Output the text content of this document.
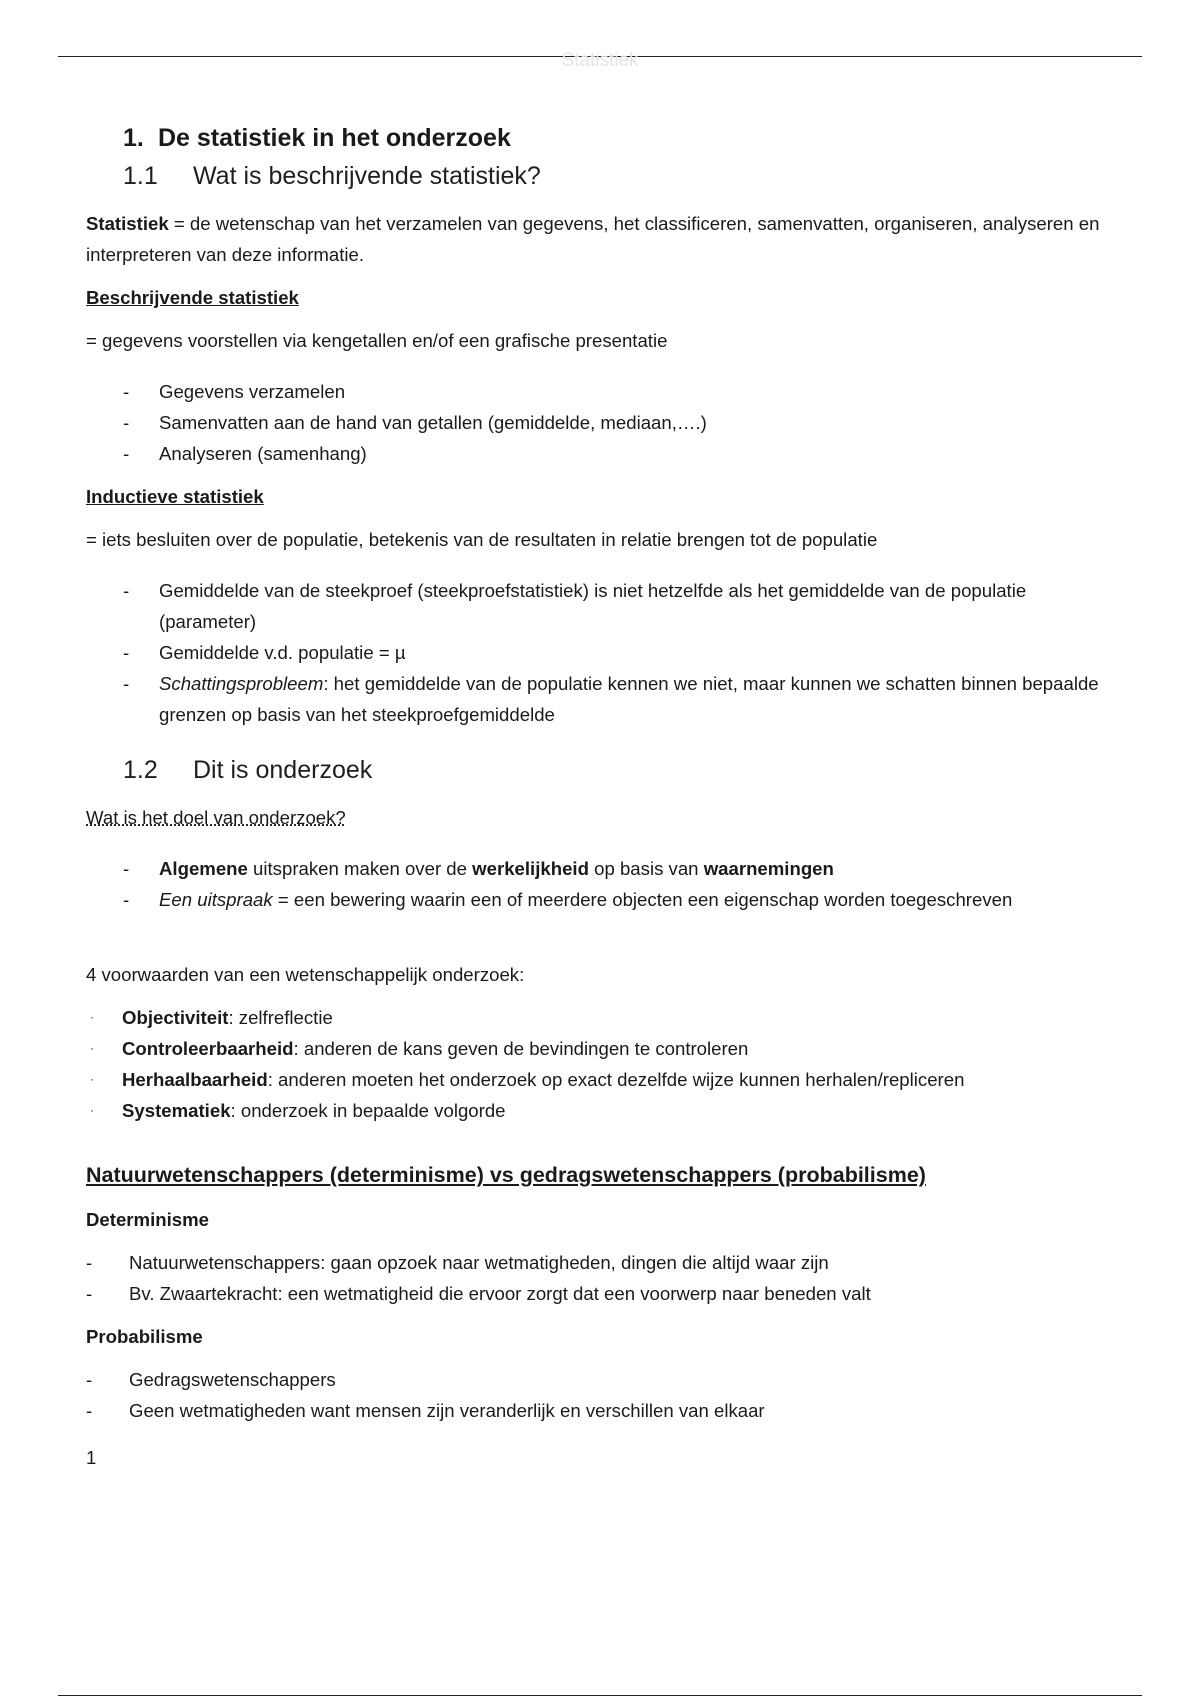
Statistiek
1. De statistiek in het onderzoek
1.1 Wat is beschrijvende statistiek?

Statistiek = de wetenschap van het verzamelen van gegevens, het classificeren, samenvatten, organiseren, analyseren en interpreteren van deze informatie.

Beschrijvende statistiek

= gegevens voorstellen via kengetallen en/of een grafische presentatie

- Gegevens verzamelen
- Samenvatten aan de hand van getallen (gemiddelde, mediaan,….)
- Analyseren (samenhang)

Inductieve statistiek

= iets besluiten over de populatie, betekenis van de resultaten in relatie brengen tot de populatie

- Gemiddelde van de steekproef (steekproefstatistiek) is niet hetzelfde als het gemiddelde van de populatie (parameter)
- Gemiddelde v.d. populatie = µ
- Schattingsprobleem: het gemiddelde van de populatie kennen we niet, maar kunnen we schatten binnen bepaalde grenzen op basis van het steekproefgemiddelde
1.2 Dit is onderzoek

Wat is het doel van onderzoek?

- Algemene uitspraken maken over de werkelijkheid op basis van waarnemingen
- Een uitspraak = een bewering waarin een of meerdere objecten een eigenschap worden toegeschreven

4 voorwaarden van een wetenschappelijk onderzoek:

· Objectiviteit: zelfreflectie
· Controleerbaarheid: anderen de kans geven de bevindingen te controleren
· Herhaalbaarheid: anderen moeten het onderzoek op exact dezelfde wijze kunnen herhalen/repliceren
· Systematiek: onderzoek in bepaalde volgorde

Natuurwetenschappers (determinisme) vs gedragswetenschappers (probabilisme)

Determinisme

- Natuurwetenschappers: gaan opzoek naar wetmatigheden, dingen die altijd waar zijn
- Bv. Zwaartekracht: een wetmatigheid die ervoor zorgt dat een voorwerp naar beneden valt

Probabilisme

- Gedragswetenschappers
- Geen wetmatigheden want mensen zijn veranderlijk en verschillen van elkaar

1
